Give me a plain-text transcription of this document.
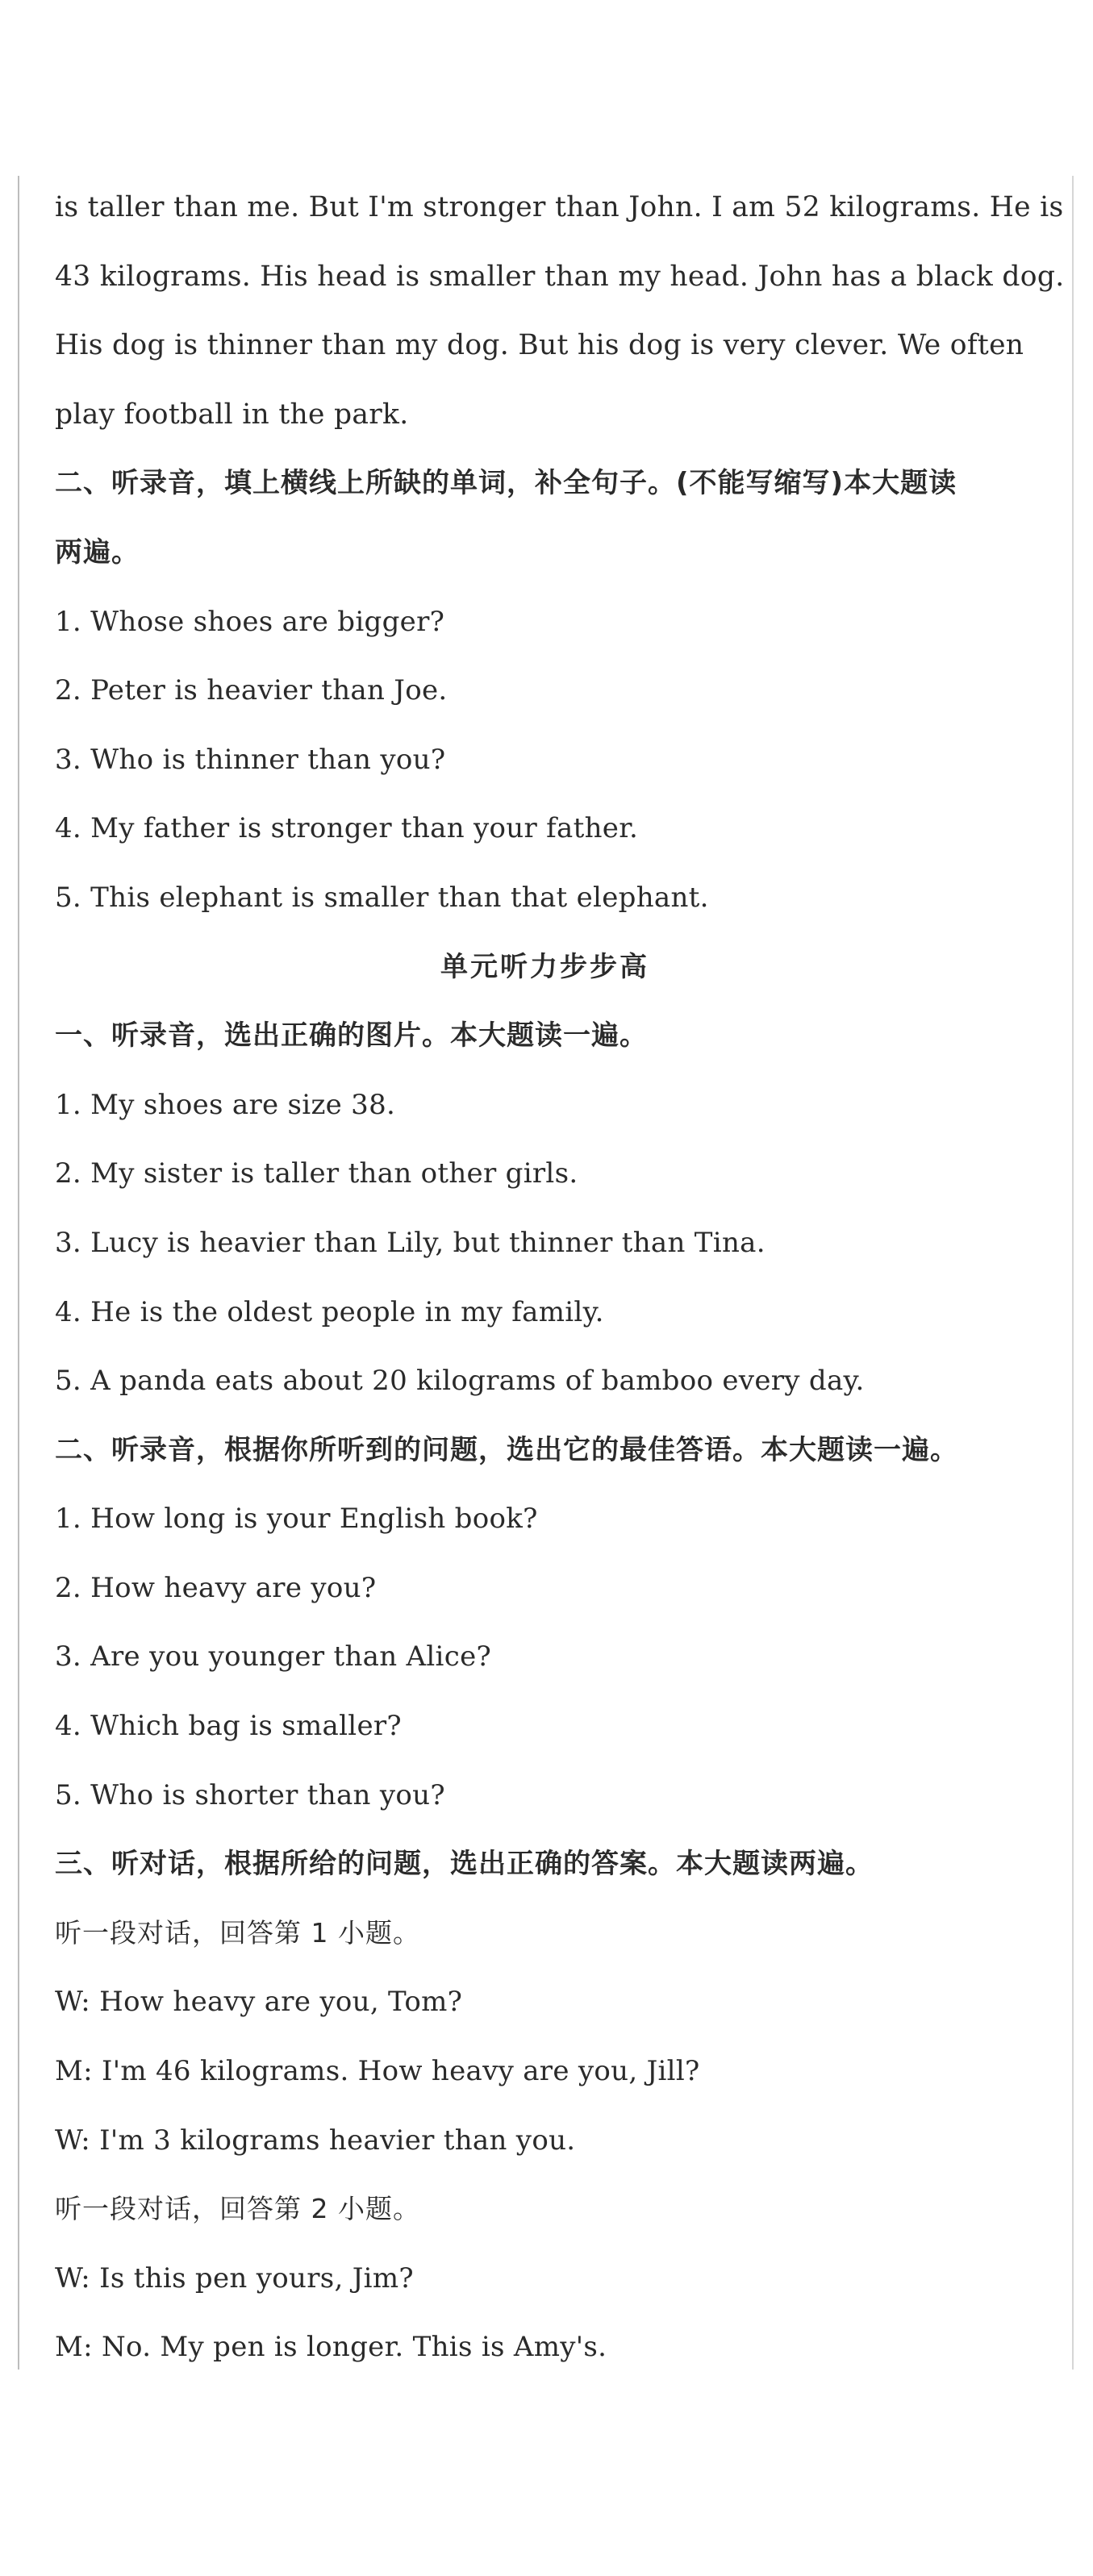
is taller than me. But I'm stronger than John. I am 52 kilograms. He is
43 kilograms. His head is smaller than my head. John has a black dog.
His dog is thinner than my dog. But his dog is very clever. We often
play football in the park.
二、听录音，填上横线上所缺的单词，补全句子。(不能写缩写)本大题读
两遍。
1. Whose shoes are bigger?
2. Peter is heavier than Joe.
3. Who is thinner than you?
4. My father is stronger than your father.
5. This elephant is smaller than that elephant.
单元听力步步高
一、听录音，选出正确的图片。本大题读一遍。
1. My shoes are size 38.
2. My sister is taller than other girls.
3. Lucy is heavier than Lily, but thinner than Tina.
4. He is the oldest people in my family.
5. A panda eats about 20 kilograms of bamboo every day.
二、听录音，根据你所听到的问题，选出它的最佳答语。本大题读一遍。
1. How long is your English book?
2. How heavy are you?
3. Are you younger than Alice?
4. Which bag is smaller?
5. Who is shorter than you?
三、听对话，根据所给的问题，选出正确的答案。本大题读两遍。
听一段对话，回答第 1 小题。
W: How heavy are you, Tom?
M: I'm 46 kilograms. How heavy are you, Jill?
W: I'm 3 kilograms heavier than you.
听一段对话，回答第 2 小题。
W: Is this pen yours, Jim?
M: No. My pen is longer. This is Amy's.
